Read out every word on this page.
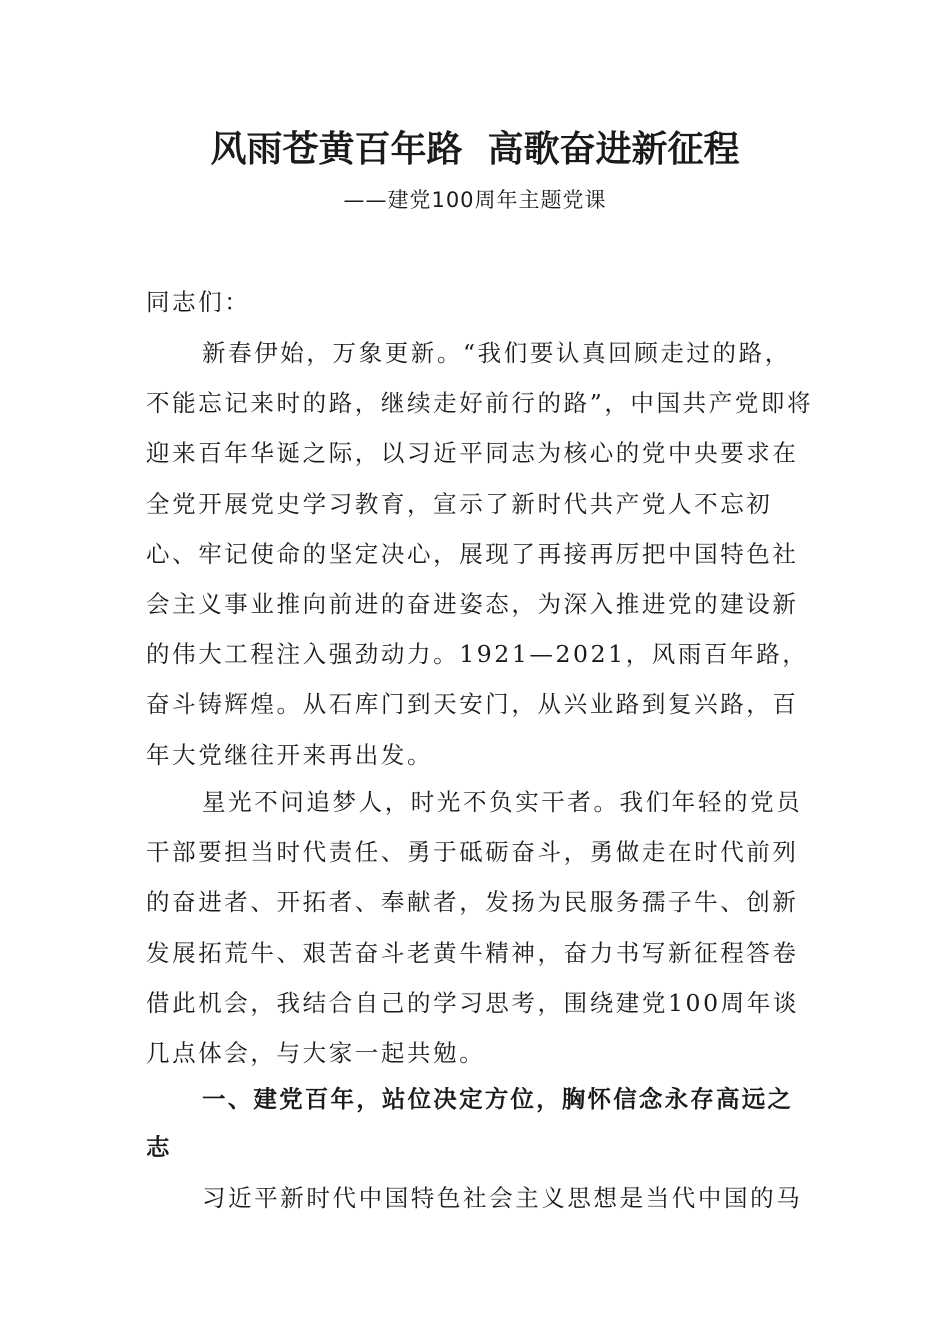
风雨苍黄百年路  高歌奋进新征程
——建党100周年主题党课
同志们：

新春伊始，万象更新。“我们要认真回顾走过的路，不能忘记来时的路，继续走好前行的路”，中国共产党即将迎来百年华诞之际，以习近平同志为核心的党中央要求在全党开展党史学习教育，宣示了新时代共产党人不忘初心、牢记使命的坚定决心，展现了再接再厉把中国特色社会主义事业推向前进的奋进姿态，为深入推进党的建设新的伟大工程注入强劲动力。1921—2021，风雨百年路，奋斗铸辉煌。从石库门到天安门，从兴业路到复兴路，百年大党继往开来再出发。

星光不问追梦人，时光不负实干者。我们年轻的党员干部要担当时代责任、勇于砥砺奋斗，勇做走在时代前列的奋进者、开拓者、奉献者，发扬为民服务孺子牛、创新发展拓荒牛、艰苦奋斗老黄牛精神，奋力书写新征程答卷借此机会，我结合自己的学习思考，围绕建党100周年谈几点体会，与大家一起共勉。

一、建党百年，站位决定方位，胸怀信念永存高远之志

习近平新时代中国特色社会主义思想是当代中国的马
